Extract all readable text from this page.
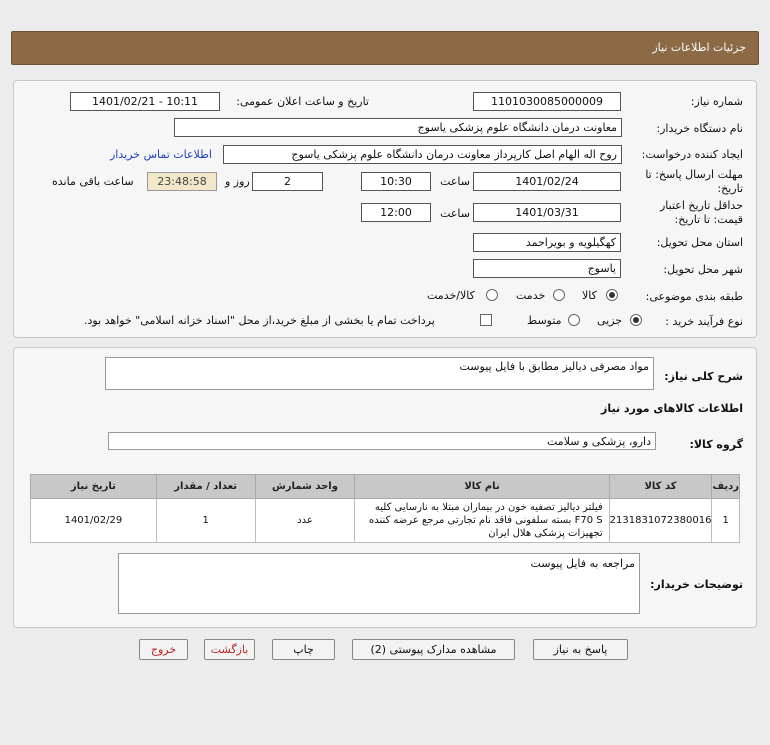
جزئیات اطلاعات نیاز
شماره نیاز:
1101030085000009
تاریخ و ساعت اعلان عمومی:
1401/02/21 - 10:11
نام دستگاه خریدار:
معاونت درمان دانشگاه علوم پزشکی یاسوج
ایجاد کننده درخواست:
روح اله الهام اصل کارپرداز معاونت درمان دانشگاه علوم پزشکی یاسوج
اطلاعات تماس خریدار
مهلت ارسال پاسخ: تا
تاریخ:
1401/02/24
ساعت
10:30
2
روز و
23:48:58
ساعت باقی مانده
حداقل تاریخ اعتبار
قیمت: تا تاریخ:
1401/03/31
ساعت
12:00
استان محل تحویل:
کهگیلویه و بویراحمد
شهر محل تحویل:
یاسوج
طبقه بندی موضوعی:
کالا
خدمت
کالا/خدمت
نوع فرآیند خرید :
جزیی
متوسط
پرداخت تمام یا بخشی از مبلغ خرید،از محل "اسناد خزانه اسلامی" خواهد بود.
شرح کلی نیاز:
مواد مصرفی دیالیز مطابق با فایل پیوست
اطلاعات کالاهای مورد نیاز
گروه کالا:
دارو، پزشکی و سلامت
ردیف	کد کالا	نام کالا	واحد شمارش	تعداد / مقدار	تاریخ نیاز
1	2131831072380016	فیلتر دیالیز تصفیه خون در بیماران مبتلا به نارسایی کلیه F70 S بسته سلفونی فاقد نام تجارتی مرجع عرضه کننده تجهیزات پزشکی هلال ایران	عدد	1	1401/02/29
توضیحات خریدار:
مراجعه به فایل پیوست
پاسخ به نیاز
مشاهده مدارک پیوستی (2)
چاپ
بازگشت
خروج
